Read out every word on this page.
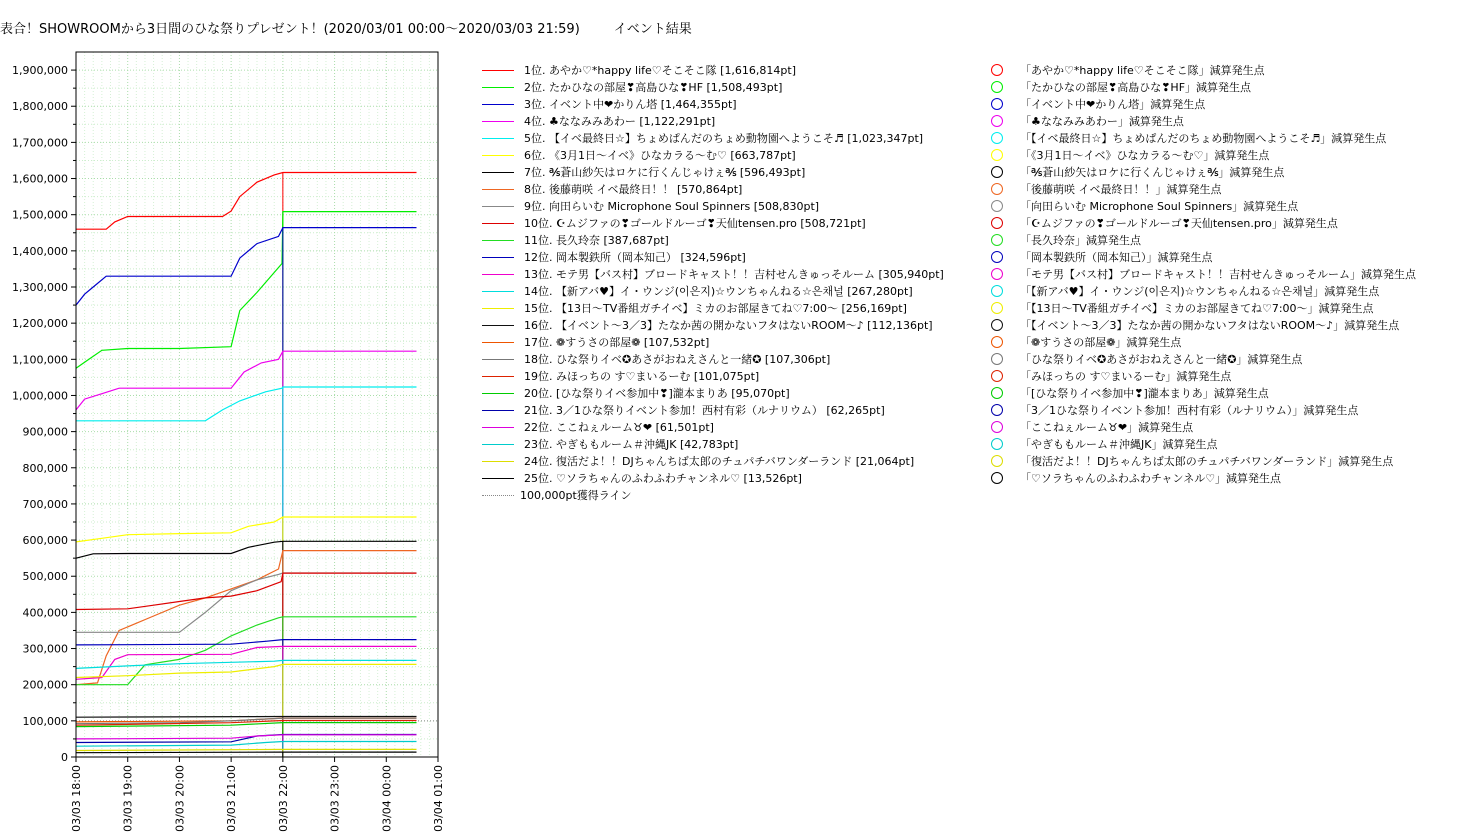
表合！SHOWROOMから3日間のひな祭りプレゼント！(2020/03/01 00:00〜2020/03/03 21:59)	イベント結果
0
100,000
200,000
300,000
400,000
500,000
600,000
700,000
800,000
900,000
1,000,000
1,100,000
1,200,000
1,300,000
1,400,000
1,500,000
1,600,000
1,700,000
1,800,000
1,900,000
03/03 18:00	03/03 19:00	03/03 20:00	03/03 21:00	03/03 22:00	03/03 23:00	03/04 00:00	03/04 01:00
1位. あやか♡*happy life♡そこそこ隊 [1,616,814pt]
2位. たかひなの部屋❣高島ひな❣HF [1,508,493pt]
3位. イベント中❤かりん塔 [1,464,355pt]
4位. ♣ななみみあわー [1,122,291pt]
5位. 【イベ最終日☆】ちょめぱんだのちょめ動物園へようこそ♬ [1,023,347pt]
6位. 《3月1日〜イベ》ひなカラる〜む♡ [663,787pt]
7位. ℁蒼山紗矢はロケに行くんじゃけぇ℁ [596,493pt]
8位. 後藤萌咲 イベ最終日！！ [570,864pt]
9位. 向田らいむ Microphone Soul Spinners [508,830pt]
10位. ☪ムジファの❣ゴールドルーゴ❣天仙tensen.pro [508,721pt]
11位. 長久玲奈 [387,687pt]
12位. 岡本製鉄所（岡本知己） [324,596pt]
13位. モテ男【バス村】ブロードキャスト！！吉村せんきゅっそルーム [305,940pt]
14位. 【新アバ♥】イ・ウンジ(이은지)☆ウンちゃんねる☆은채널 [267,280pt]
15位. 【13日〜TV番組ガチイベ】ミカのお部屋きてね♡7:00〜 [256,169pt]
16位. 【イベント〜3／3】たなか茜の開かないフタはないROOM〜♪ [112,136pt]
17位. ❁すうさの部屋❁ [107,532pt]
18位. ひな祭りイベ✪あさがおねえさんと一緒✪ [107,306pt]
19位. みほっちの す♡まいるーむ [101,075pt]
20位. [ひな祭りイベ参加中❣]瀧本まりあ [95,070pt]
21位. 3／1ひな祭りイベント参加！西村有彩（ルナリウム） [62,265pt]
22位. ここねぇルーム♉❤ [61,501pt]
23位. やぎももルーム＃沖縄JK [42,783pt]
24位. 復活だよ！！DJちゃんちば太郎のチュパチバワンダーランド [21,064pt]
25位. ♡ソラちゃんのふわふわチャンネル♡ [13,526pt]
100,000pt獲得ライン
「あやか♡*happy life♡そこそこ隊」減算発生点
「たかひなの部屋❣高島ひな❣HF」減算発生点
「イベント中❤かりん塔」減算発生点
「♣ななみみあわー」減算発生点
「【イベ最終日☆】ちょめぱんだのちょめ動物園へようこそ♬」減算発生点
「《3月1日〜イベ》ひなカラる〜む♡」減算発生点
「℁蒼山紗矢はロケに行くんじゃけぇ℁」減算発生点
「後藤萌咲 イベ最終日！！」減算発生点
「向田らいむ Microphone Soul Spinners」減算発生点
「☪ムジファの❣ゴールドルーゴ❣天仙tensen.pro」減算発生点
「長久玲奈」減算発生点
「岡本製鉄所（岡本知己）」減算発生点
「モテ男【バス村】ブロードキャスト！！吉村せんきゅっそルーム」減算発生点
「【新アバ♥】イ・ウンジ(이은지)☆ウンちゃんねる☆은채널」減算発生点
「【13日〜TV番組ガチイベ】ミカのお部屋きてね♡7:00〜」減算発生点
「【イベント〜3／3】たなか茜の開かないフタはないROOM〜♪」減算発生点
「❁すうさの部屋❁」減算発生点
「ひな祭りイベ✪あさがおねえさんと一緒✪」減算発生点
「みほっちの す♡まいるーむ」減算発生点
「[ひな祭りイベ参加中❣]瀧本まりあ」減算発生点
「3／1ひな祭りイベント参加！西村有彩（ルナリウム）」減算発生点
「ここねぇルーム♉❤」減算発生点
「やぎももルーム＃沖縄JK」減算発生点
「復活だよ！！DJちゃんちば太郎のチュパチバワンダーランド」減算発生点
「♡ソラちゃんのふわふわチャンネル♡」減算発生点
